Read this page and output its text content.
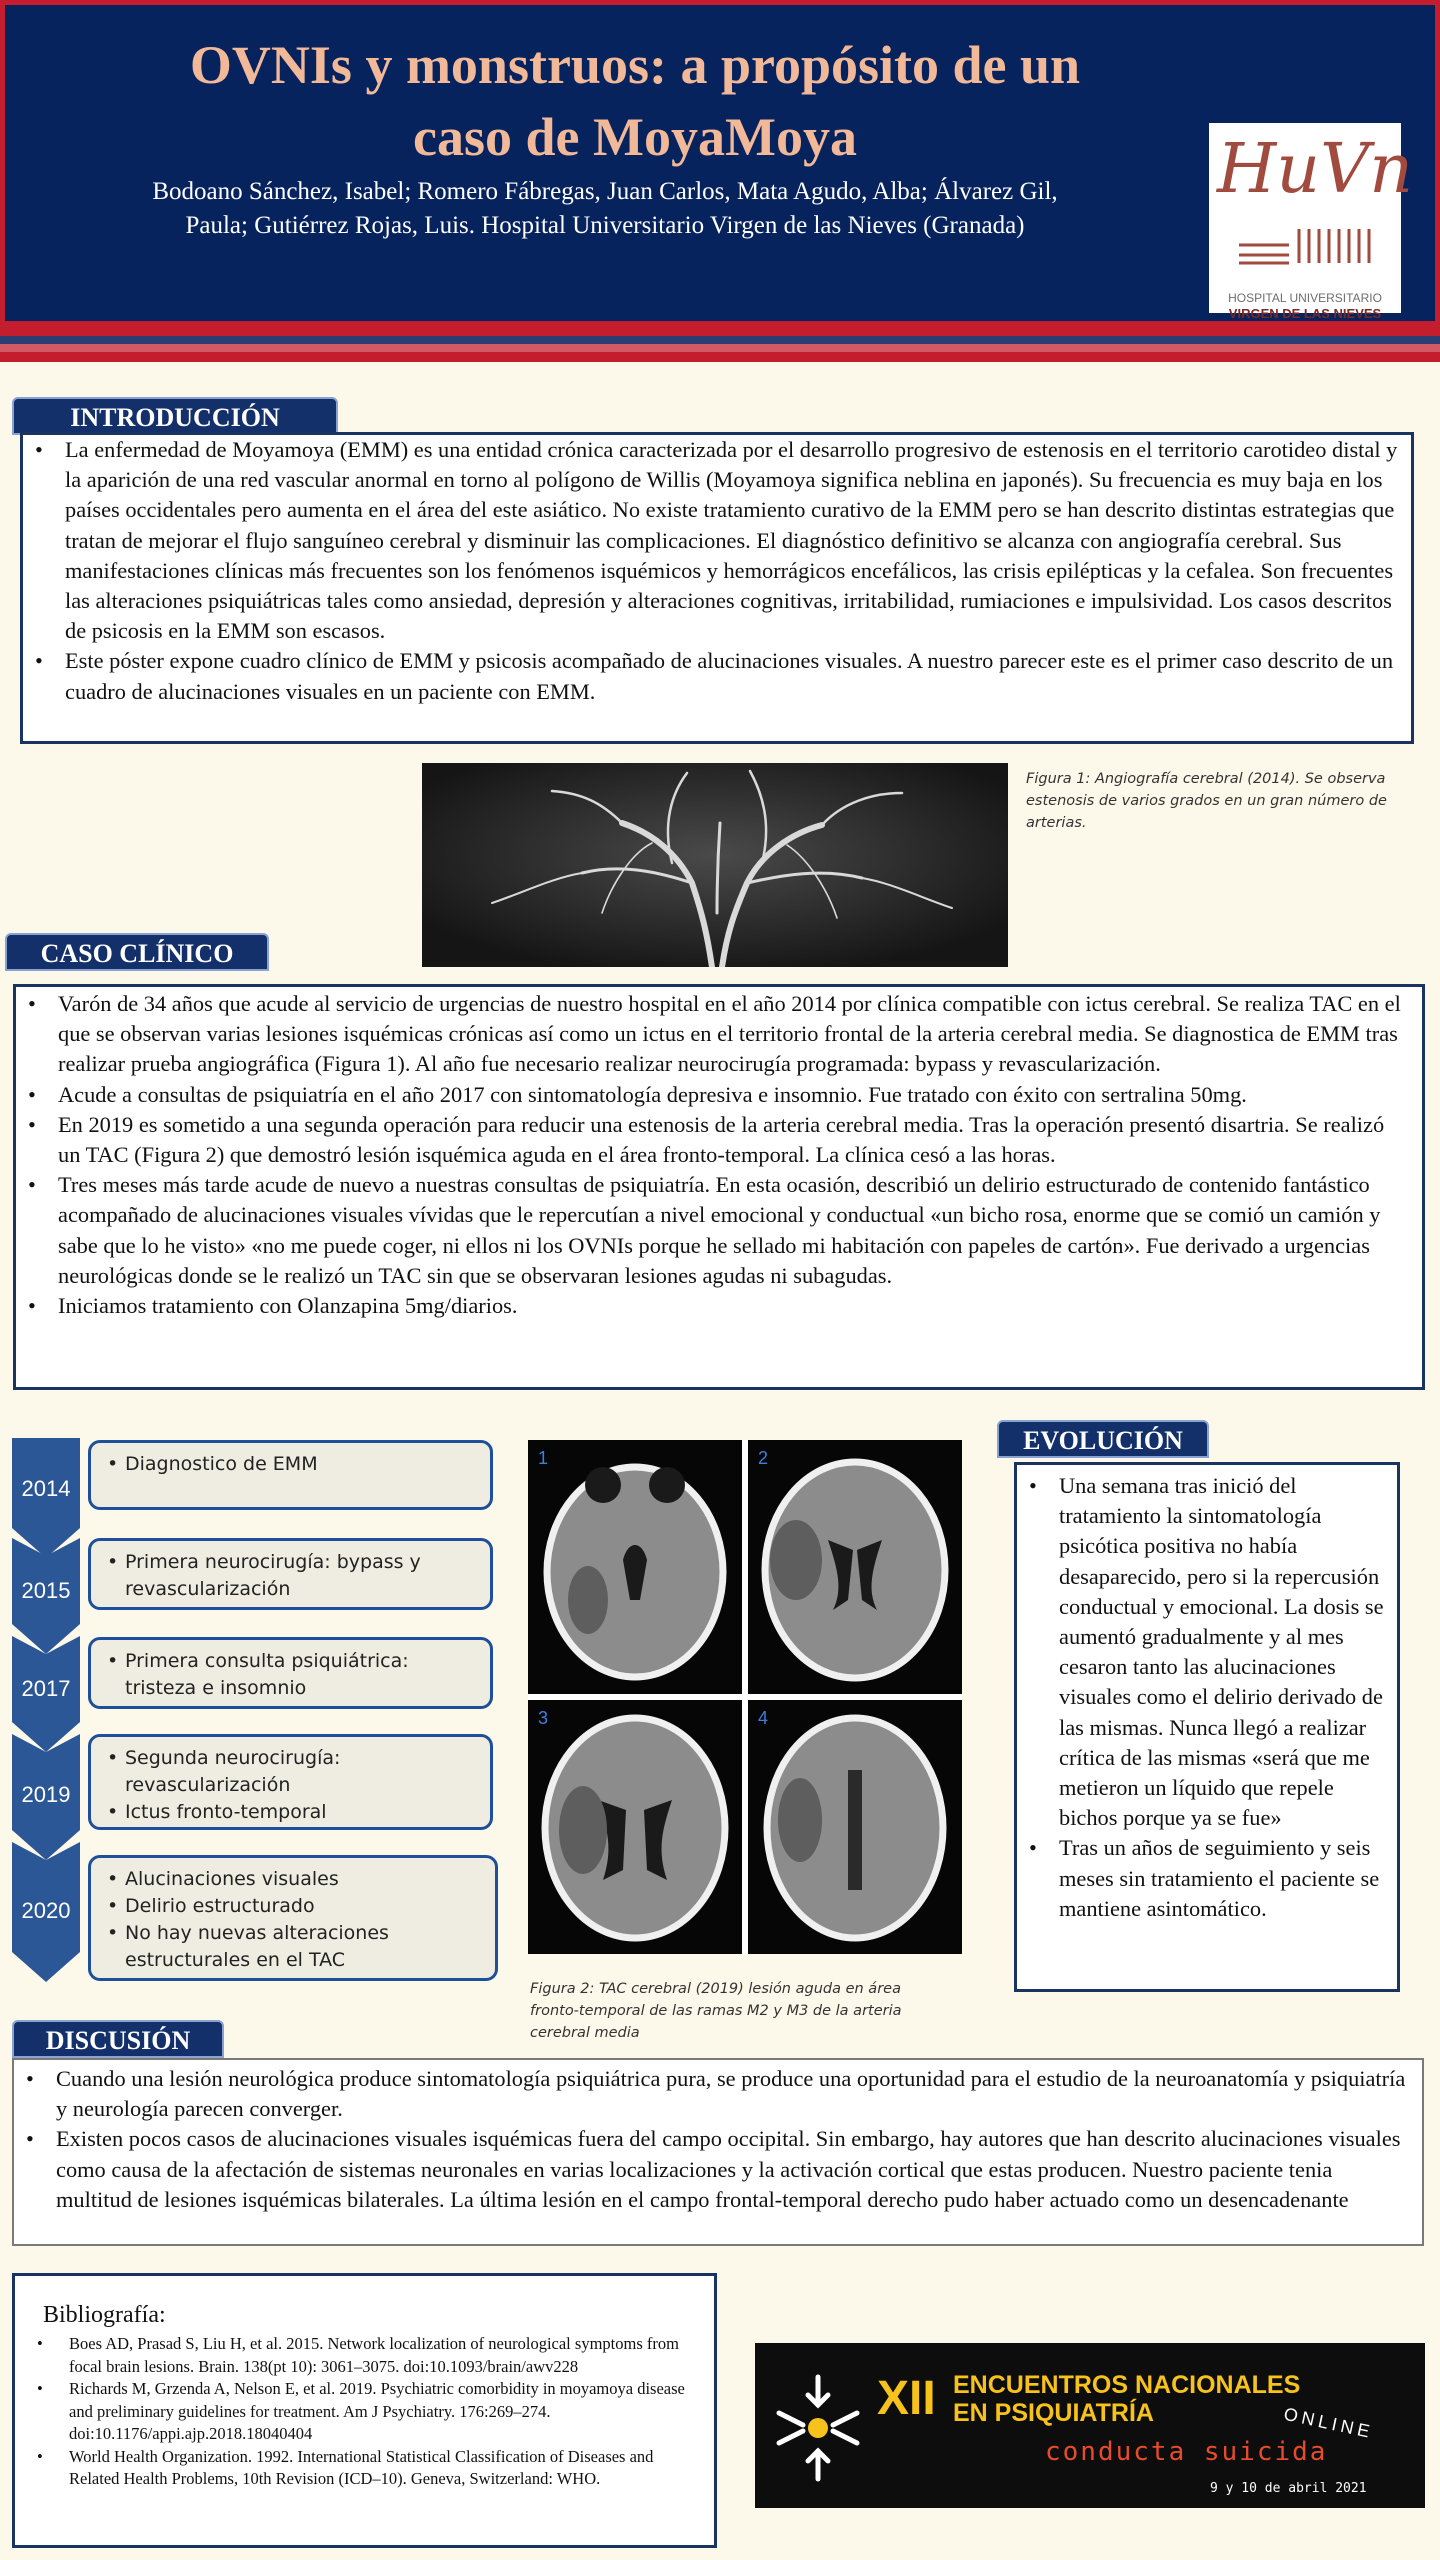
OVNIs y monstruos: a propósito de un
caso de MoyaMoya
Bodoano Sánchez, Isabel; Romero Fábregas, Juan Carlos, Mata Agudo, Alba; Álvarez Gil,
Paula; Gutiérrez Rojas, Luis. Hospital Universitario Virgen de las Nieves (Granada)
HuVn
HOSPITAL UNIVERSITARIO
VIRGEN DE LAS NIEVES
INTRODUCCIÓN
• La enfermedad de Moyamoya (EMM) es una entidad crónica caracterizada por el desarrollo progresivo de estenosis en el territorio carotideo distal y la aparición de una red vascular anormal en torno al polígono de Willis (Moyamoya significa neblina en japonés). Su frecuencia es muy baja en los países occidentales pero aumenta en el área del este asiático. No existe tratamiento curativo de la EMM pero se han descrito distintas estrategias que tratan de mejorar el flujo sanguíneo cerebral y disminuir las complicaciones. El diagnóstico definitivo se alcanza con angiografía cerebral. Sus manifestaciones clínicas más frecuentes son los fenómenos isquémicos y hemorrágicos encefálicos, las crisis epilépticas y la cefalea. Son frecuentes las alteraciones psiquiátricas tales como ansiedad, depresión y alteraciones cognitivas, irritabilidad, rumiaciones e impulsividad. Los casos descritos de psicosis en la EMM son escasos.
• Este póster expone cuadro clínico de EMM y psicosis acompañado de alucinaciones visuales. A nuestro parecer este es el primer caso descrito de un cuadro de alucinaciones visuales en un paciente con EMM.
Figura 1: Angiografía cerebral (2014). Se observa estenosis de varios grados en un gran número de arterias.
CASO CLÍNICO
• Varón de 34 años que acude al servicio de urgencias de nuestro hospital en el año 2014 por clínica compatible con ictus cerebral. Se realiza TAC en el que se observan varias lesiones isquémicas crónicas así como un ictus en el territorio frontal de la arteria cerebral media. Se diagnostica de EMM tras realizar prueba angiográfica (Figura 1). Al año fue necesario realizar neurocirugía programada: bypass y revascularización.
• Acude a consultas de psiquiatría en el año 2017 con sintomatología depresiva e insomnio. Fue tratado con éxito con sertralina 50mg.
• En 2019 es sometido a una segunda operación para reducir una estenosis de la arteria cerebral media. Tras la operación presentó disartria. Se realizó un TAC (Figura 2) que demostró lesión isquémica aguda en el área fronto-temporal. La clínica cesó a las horas.
• Tres meses más tarde acude de nuevo a nuestras consultas de psiquiatría. En esta ocasión, describió un delirio estructurado de contenido fantástico acompañado de alucinaciones visuales vívidas que le repercutían a nivel emocional y conductual «un bicho rosa, enorme que se comió un camión y sabe que lo he visto» «no me puede coger, ni ellos ni los OVNIs porque he sellado mi habitación con papeles de cartón». Fue derivado a urgencias neurológicas donde se le realizó un TAC sin que se observaran lesiones agudas ni subagudas.
• Iniciamos tratamiento con Olanzapina 5mg/diarios.
2014
• Diagnostico de EMM
2015
• Primera neurocirugía: bypass y revascularización
2017
• Primera consulta psiquiátrica: tristeza e insomnio
2019
• Segunda neurocirugía: revascularización
• Ictus fronto-temporal
2020
• Alucinaciones visuales
• Delirio estructurado
• No hay nuevas alteraciones estructurales en el TAC
1	2
3	4
Figura 2: TAC cerebral (2019) lesión aguda en área fronto-temporal de las ramas M2 y M3 de la arteria cerebral media
EVOLUCIÓN
• Una semana tras inició del tratamiento la sintomatología psicótica positiva no había desaparecido, pero si la repercusión conductual y emocional. La dosis se aumentó gradualmente y al mes cesaron tanto las alucinaciones visuales como el delirio derivado de las mismas. Nunca llegó a realizar crítica de las mismas «será que me metieron un líquido que repele bichos porque ya se fue»
• Tras un años de seguimiento y seis meses sin tratamiento el paciente se mantiene asintomático.
DISCUSIÓN
• Cuando una lesión neurológica produce sintomatología psiquiátrica pura, se produce una oportunidad para el estudio de la neuroanatomía y psiquiatría y neurología parecen converger.
• Existen pocos casos de alucinaciones visuales isquémicas fuera del campo occipital. Sin embargo, hay autores que han descrito alucinaciones visuales como causa de la afectación de sistemas neuronales en varias localizaciones y la activación cortical que estas producen. Nuestro paciente tenia multitud de lesiones isquémicas bilaterales. La última lesión en el campo frontal-temporal derecho pudo haber actuado como un desencadenante
Bibliografía:
• Boes AD, Prasad S, Liu H, et al. 2015. Network localization of neurological symptoms from focal brain lesions. Brain. 138(pt 10): 3061–3075. doi:10.1093/brain/awv228
• Richards M, Grzenda A, Nelson E, et al. 2019. Psychiatric comorbidity in moyamoya disease and preliminary guidelines for treatment. Am J Psychiatry. 176:269–274. doi:10.1176/appi.ajp.2018.18040404
• World Health Organization. 1992. International Statistical Classification of Diseases and Related Health Problems, 10th Revision (ICD–10). Geneva, Switzerland: WHO.
XII ENCUENTROS NACIONALES
EN PSIQUIATRÍA	ONLINE
conducta suicida
9 y 10 de abril 2021
